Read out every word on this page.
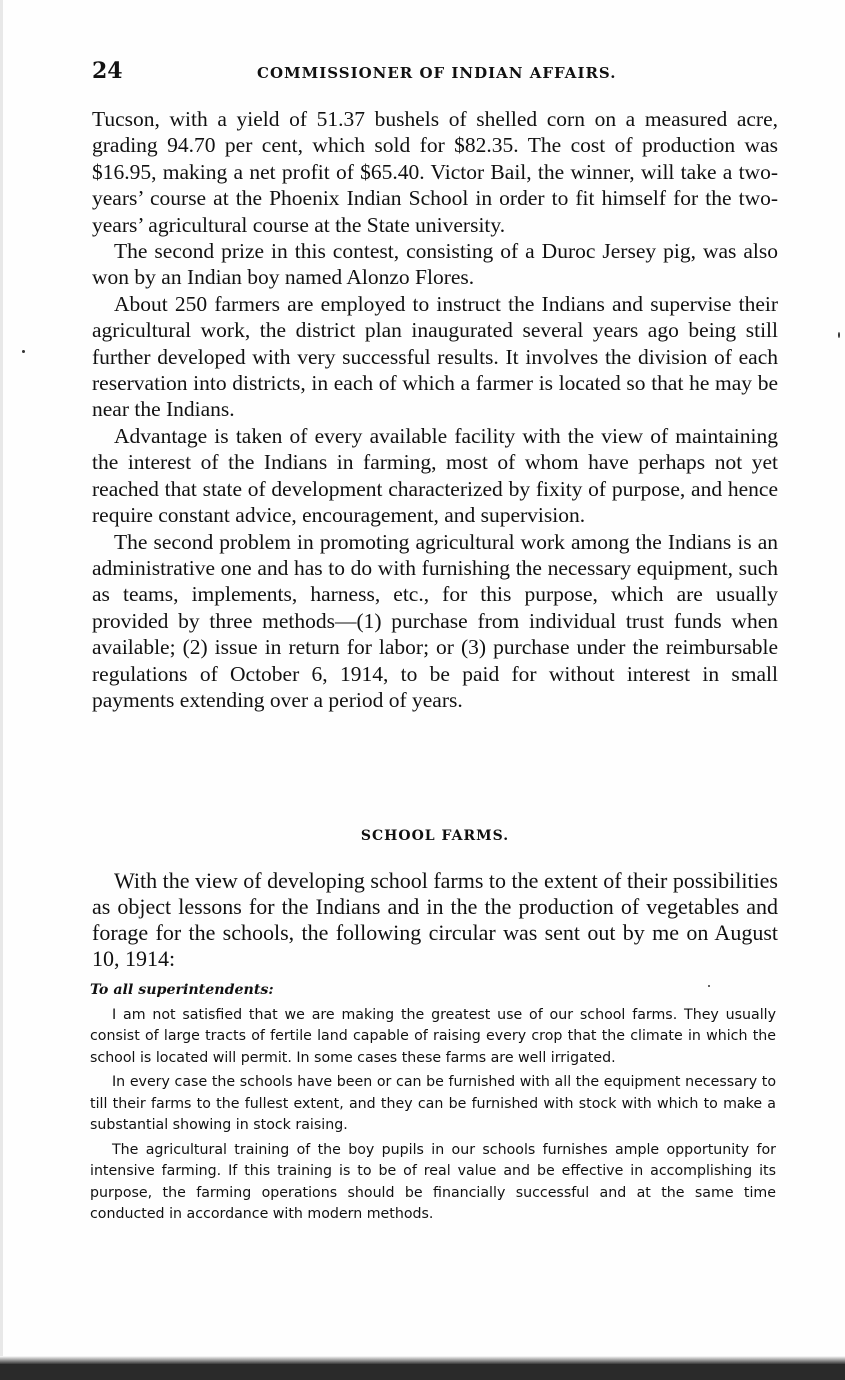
24	COMMISSIONER OF INDIAN AFFAIRS.

Tucson, with a yield of 51.37 bushels of shelled corn on a measured acre, grading 94.70 per cent, which sold for $82.35. The cost of production was $16.95, making a net profit of $65.40. Victor Bail, the winner, will take a two-years’ course at the Phoenix Indian School in order to fit himself for the two-years’ agricultural course at the State university.

The second prize in this contest, consisting of a Duroc Jersey pig, was also won by an Indian boy named Alonzo Flores.

About 250 farmers are employed to instruct the Indians and supervise their agricultural work, the district plan inaugurated several years ago being still further developed with very successful results. It involves the division of each reservation into districts, in each of which a farmer is located so that he may be near the Indians.

Advantage is taken of every available facility with the view of maintaining the interest of the Indians in farming, most of whom have perhaps not yet reached that state of development characterized by fixity of purpose, and hence require constant advice, encouragement, and supervision.

The second problem in promoting agricultural work among the Indians is an administrative one and has to do with furnishing the necessary equipment, such as teams, implements, harness, etc., for this purpose, which are usually provided by three methods—(1) purchase from individual trust funds when available; (2) issue in return for labor; or (3) purchase under the reimbursable regulations of October 6, 1914, to be paid for without interest in small payments extending over a period of years.

SCHOOL FARMS.

With the view of developing school farms to the extent of their possibilities as object lessons for the Indians and in the the production of vegetables and forage for the schools, the following circular was sent out by me on August 10, 1914:

To all superintendents:

I am not satisfied that we are making the greatest use of our school farms. They usually consist of large tracts of fertile land capable of raising every crop that the climate in which the school is located will permit. In some cases these farms are well irrigated.

In every case the schools have been or can be furnished with all the equipment necessary to till their farms to the fullest extent, and they can be furnished with stock with which to make a substantial showing in stock raising.

The agricultural training of the boy pupils in our schools furnishes ample opportunity for intensive farming. If this training is to be of real value and be effective in accomplishing its purpose, the farming operations should be financially successful and at the same time conducted in accordance with modern methods.
